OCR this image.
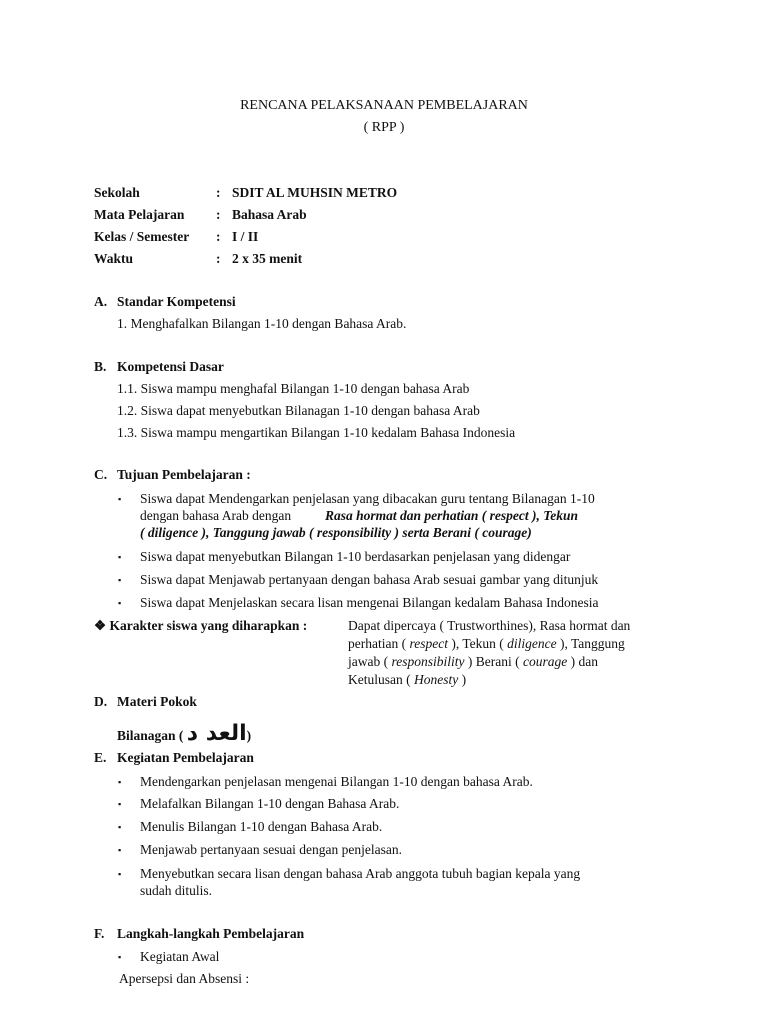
RENCANA PELAKSANAAN PEMBELAJARAN
( RPP )
Sekolah	: SDIT AL MUHSIN METRO
Mata Pelajaran : Bahasa Arab
Kelas / Semester : I / II
Waktu	: 2 x 35 menit
A. Standar Kompetensi
1. Menghafalkan Bilangan 1-10 dengan Bahasa Arab.
B. Kompetensi Dasar
1.1. Siswa mampu menghafal Bilangan 1-10 dengan bahasa Arab
1.2. Siswa dapat menyebutkan Bilanagan 1-10 dengan bahasa Arab
1.3. Siswa mampu mengartikan Bilangan 1-10 kedalam Bahasa Indonesia
C. Tujuan Pembelajaran :
▪ Siswa dapat Mendengarkan penjelasan yang dibacakan guru tentang Bilanagan 1-10
dengan bahasa Arab dengan	Rasa hormat dan perhatian ( respect ), Tekun
( diligence ), Tanggung jawab ( responsibility ) serta Berani ( courage)
▪ Siswa dapat menyebutkan Bilangan 1-10 berdasarkan penjelasan yang didengar
▪ Siswa dapat Menjawab pertanyaan dengan bahasa Arab sesuai gambar yang ditunjuk
▪ Siswa dapat Menjelaskan secara lisan mengenai Bilangan kedalam Bahasa Indonesia
❖ Karakter siswa yang diharapkan :	Dapat dipercaya ( Trustworthines), Rasa hormat dan
perhatian ( respect ), Tekun ( diligence ), Tanggung
jawab ( responsibility ) Berani ( courage ) dan
Ketulusan ( Honesty )
D. Materi Pokok
Bilanagan ( العد د)
E. Kegiatan Pembelajaran
▪ Mendengarkan penjelasan mengenai Bilangan 1-10 dengan bahasa Arab.
▪ Melafalkan Bilangan 1-10 dengan Bahasa Arab.
▪ Menulis Bilangan 1-10 dengan Bahasa Arab.
▪ Menjawab pertanyaan sesuai dengan penjelasan.
▪ Menyebutkan secara lisan dengan bahasa Arab anggota tubuh bagian kepala yang
sudah ditulis.
F. Langkah-langkah Pembelajaran
▪ Kegiatan Awal
Apersepsi dan Absensi :
